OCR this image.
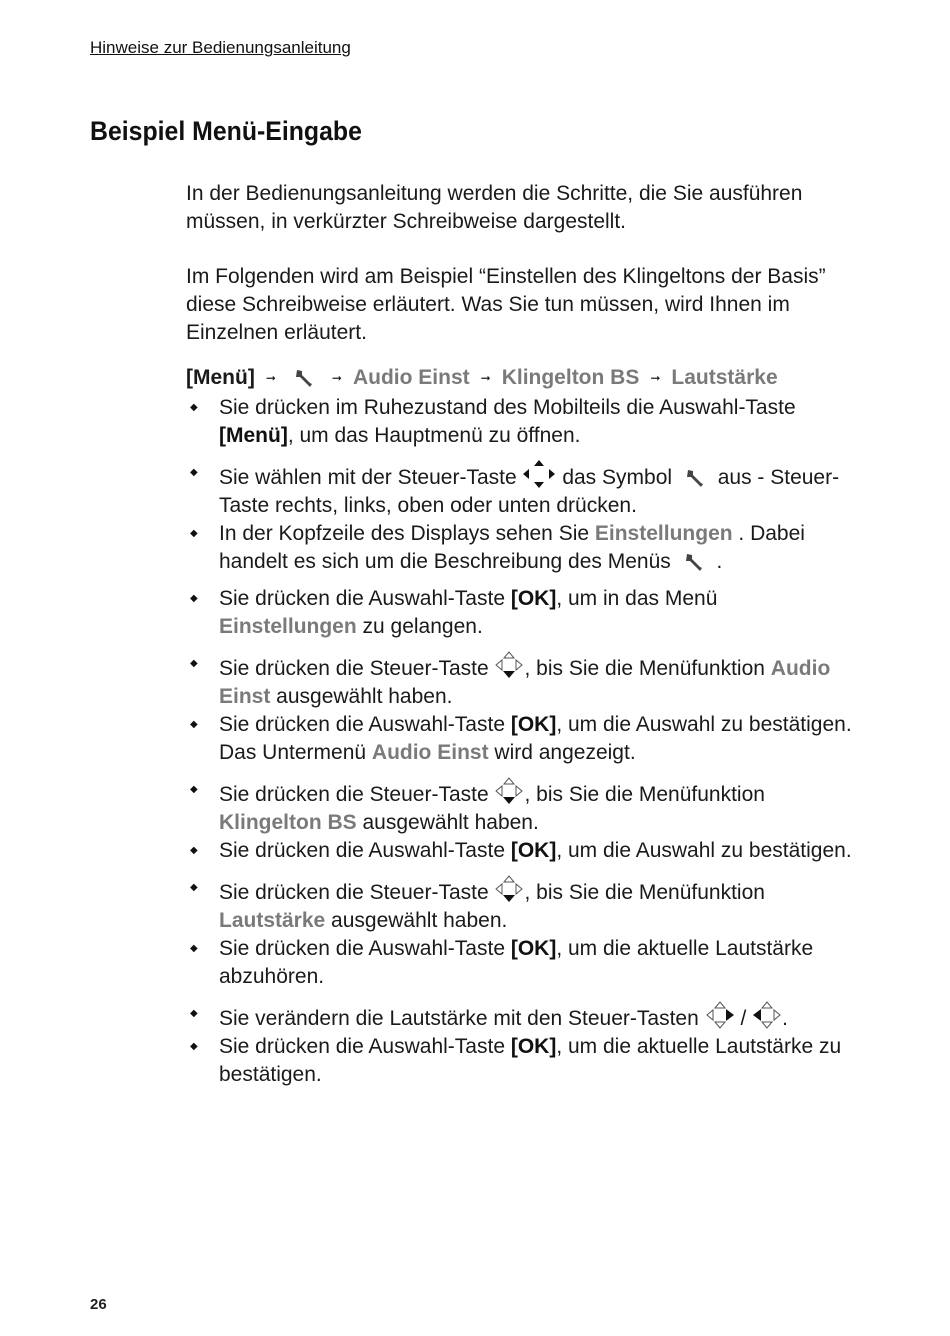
Hinweise zur Bedienungsanleitung
Beispiel Menü-Eingabe

In der Bedienungsanleitung werden die Schritte, die Sie ausführen müssen, in verkürzter Schreibweise dargestellt.

Im Folgenden wird am Beispiel “Einstellen des Klingeltons der Basis” diese Schreibweise erläutert. Was Sie tun müssen, wird Ihnen im Einzelnen erläutert.

[Menü] ➞	➞ Audio Einst ➞ Klingelton BS ➞ Lautstärke
◆ Sie drücken im Ruhezustand des Mobilteils die Auswahl-Taste [Menü], um das Hauptmenü zu öffnen.
◆ Sie wählen mit der Steuer-Taste
das Symbol
aus - Steuer-Taste rechts, links, oben oder unten drücken.
◆ In der Kopfzeile des Displays sehen Sie Einstellungen . Dabei handelt es sich um die Beschreibung des Menüs
.
◆ Sie drücken die Auswahl-Taste [OK], um in das Menü Einstellungen zu gelangen.
◆ Sie drücken die Steuer-Taste
, bis Sie die Menüfunktion Audio Einst ausgewählt haben.
◆ Sie drücken die Auswahl-Taste [OK], um die Auswahl zu bestätigen. Das Untermenü Audio Einst wird angezeigt.
◆ Sie drücken die Steuer-Taste
, bis Sie die Menüfunktion Klingelton BS ausgewählt haben.
◆ Sie drücken die Auswahl-Taste [OK], um die Auswahl zu bestätigen.
◆ Sie drücken die Steuer-Taste
, bis Sie die Menüfunktion Lautstärke ausgewählt haben.
◆ Sie drücken die Auswahl-Taste [OK], um die aktuelle Lautstärke abzuhören.
◆ Sie verändern die Lautstärke mit den Steuer-Tasten
/
.
◆ Sie drücken die Auswahl-Taste [OK], um die aktuelle Lautstärke zu bestätigen.
26
